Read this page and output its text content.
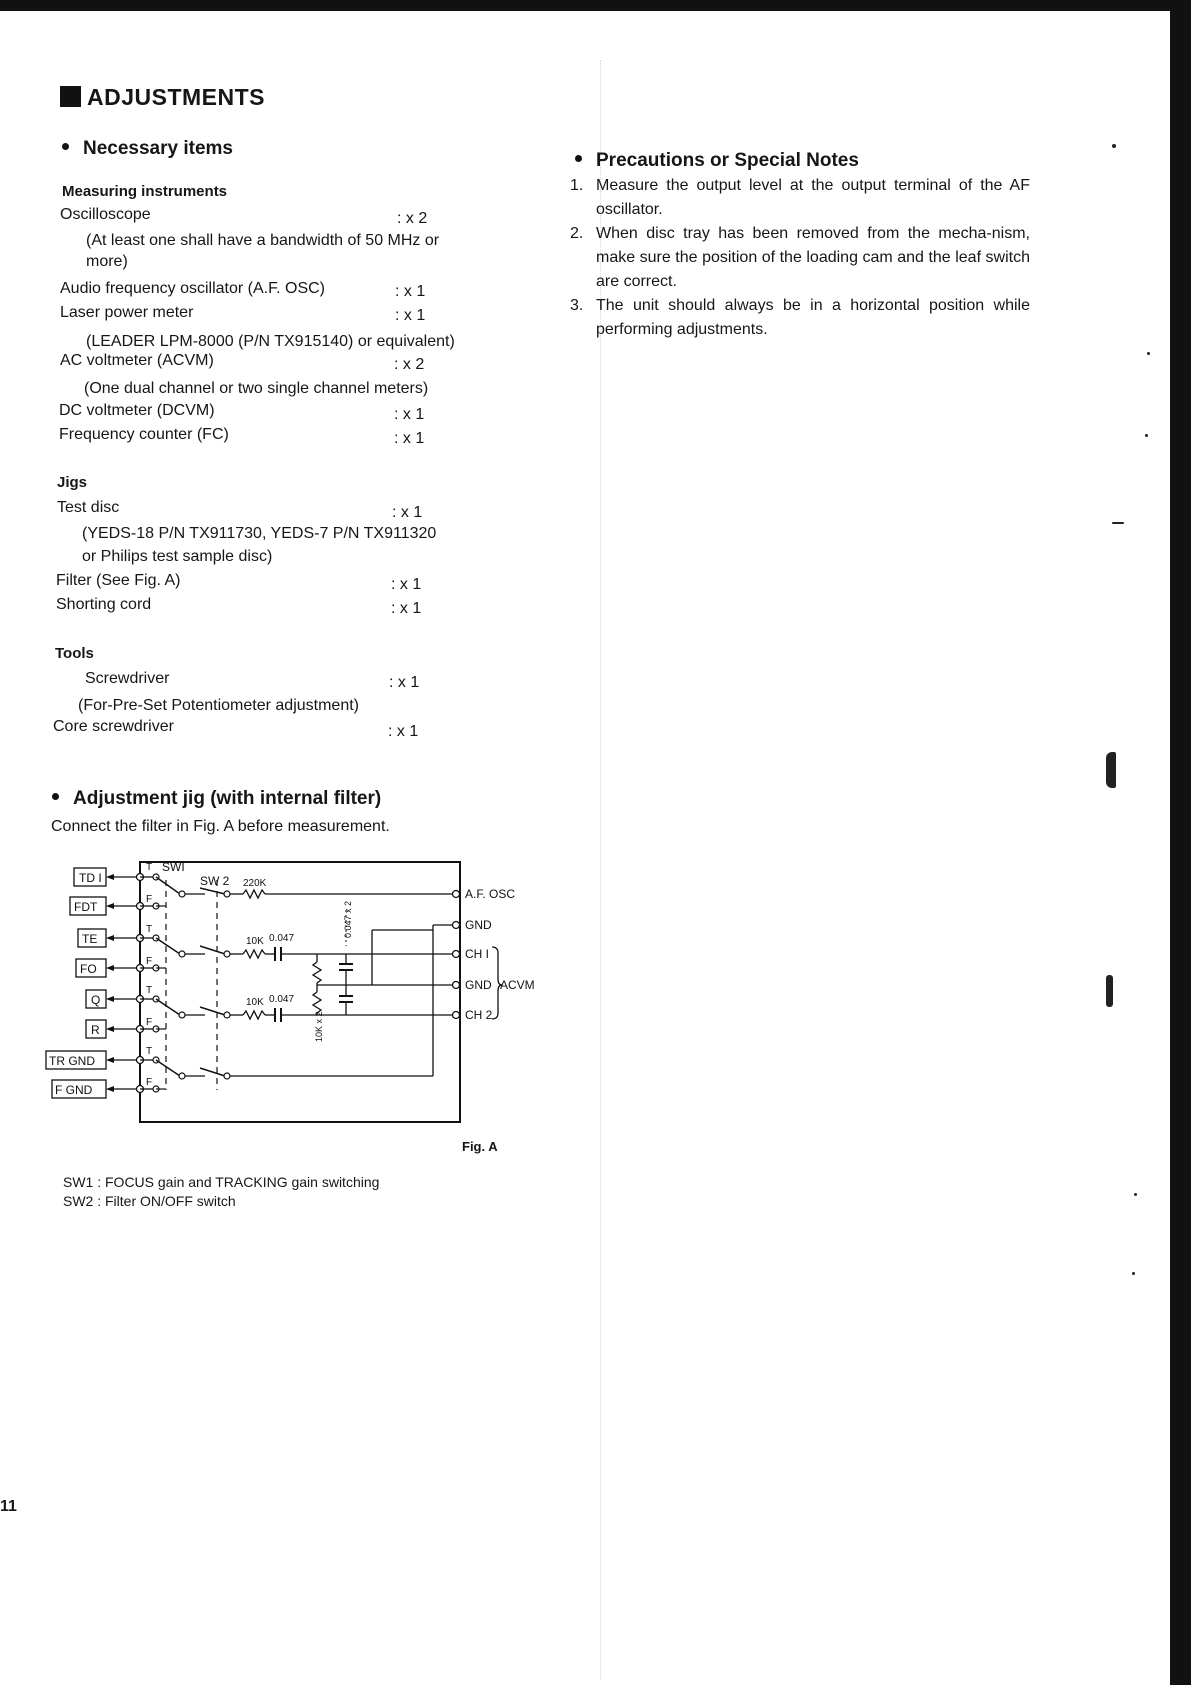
ADJUSTMENTS
Necessary items
Measuring instruments
Oscilloscope	: x 2
(At least one shall have a bandwidth of 50 MHz or
more)
Audio frequency oscillator (A.F. OSC)	: x 1
Laser power meter	: x 1
(LEADER LPM-8000 (P/N TX915140) or equivalent)
AC voltmeter (ACVM)	: x 2
(One dual channel or two single channel meters)
DC voltmeter (DCVM)	: x 1
Frequency counter (FC)	: x 1
Jigs
Test disc	: x 1
(YEDS-18 P/N TX911730, YEDS-7 P/N TX911320
or Philips test sample disc)
Filter (See Fig. A)	: x 1
Shorting cord	: x 1
Tools
Screwdriver	: x 1
(For-Pre-Set Potentiometer adjustment)
Core screwdriver	: x 1
Precautions or Special Notes
1. Measure the output level at the output terminal of the AF oscillator.
2. When disc tray has been removed from the mecha-nism, make sure the position of the loading cam and the leaf switch are correct.
3. The unit should always be in a horizontal position while performing adjustments.
Adjustment jig (with internal filter)
Connect the filter in Fig. A before measurement.
TD I
FDT
TE
FO
Q
R
TR GND
F GND
T
F
T
F
T
F
T
F
SWI
SW 2 220K
10K 0.047
10K 0.047
10K x 2
0.047 x 2
A.F. OSC
GND
CH I
GND
CH 2
ACVM
Fig. A
SW1 : FOCUS gain and TRACKING gain switching
SW2 : Filter ON/OFF switch
11
